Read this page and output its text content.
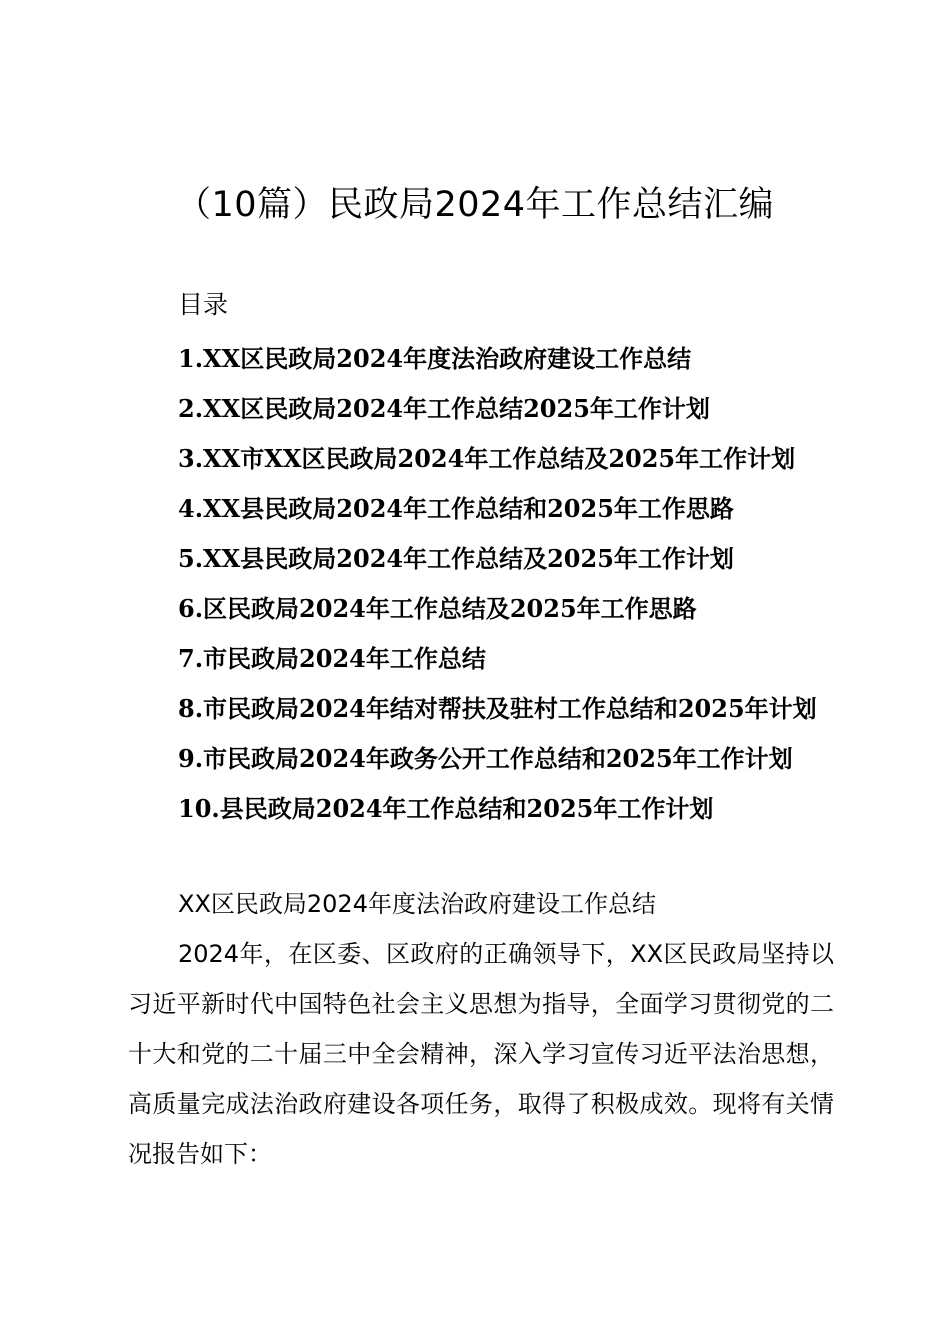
（10篇）民政局2024年工作总结汇编
目录
1.XX区民政局2024年度法治政府建设工作总结
2.XX区民政局2024年工作总结2025年工作计划
3.XX市XX区民政局2024年工作总结及2025年工作计划
4.XX县民政局2024年工作总结和2025年工作思路
5.XX县民政局2024年工作总结及2025年工作计划
6.区民政局2024年工作总结及2025年工作思路
7.市民政局2024年工作总结
8.市民政局2024年结对帮扶及驻村工作总结和2025年计划
9.市民政局2024年政务公开工作总结和2025年工作计划
10.县民政局2024年工作总结和2025年工作计划
XX区民政局2024年度法治政府建设工作总结

2024年，在区委、区政府的正确领导下，XX区民政局坚持以习近平新时代中国特色社会主义思想为指导，全面学习贯彻党的二十大和党的二十届三中全会精神，深入学习宣传习近平法治思想，高质量完成法治政府建设各项任务，取得了积极成效。现将有关情况报告如下：
